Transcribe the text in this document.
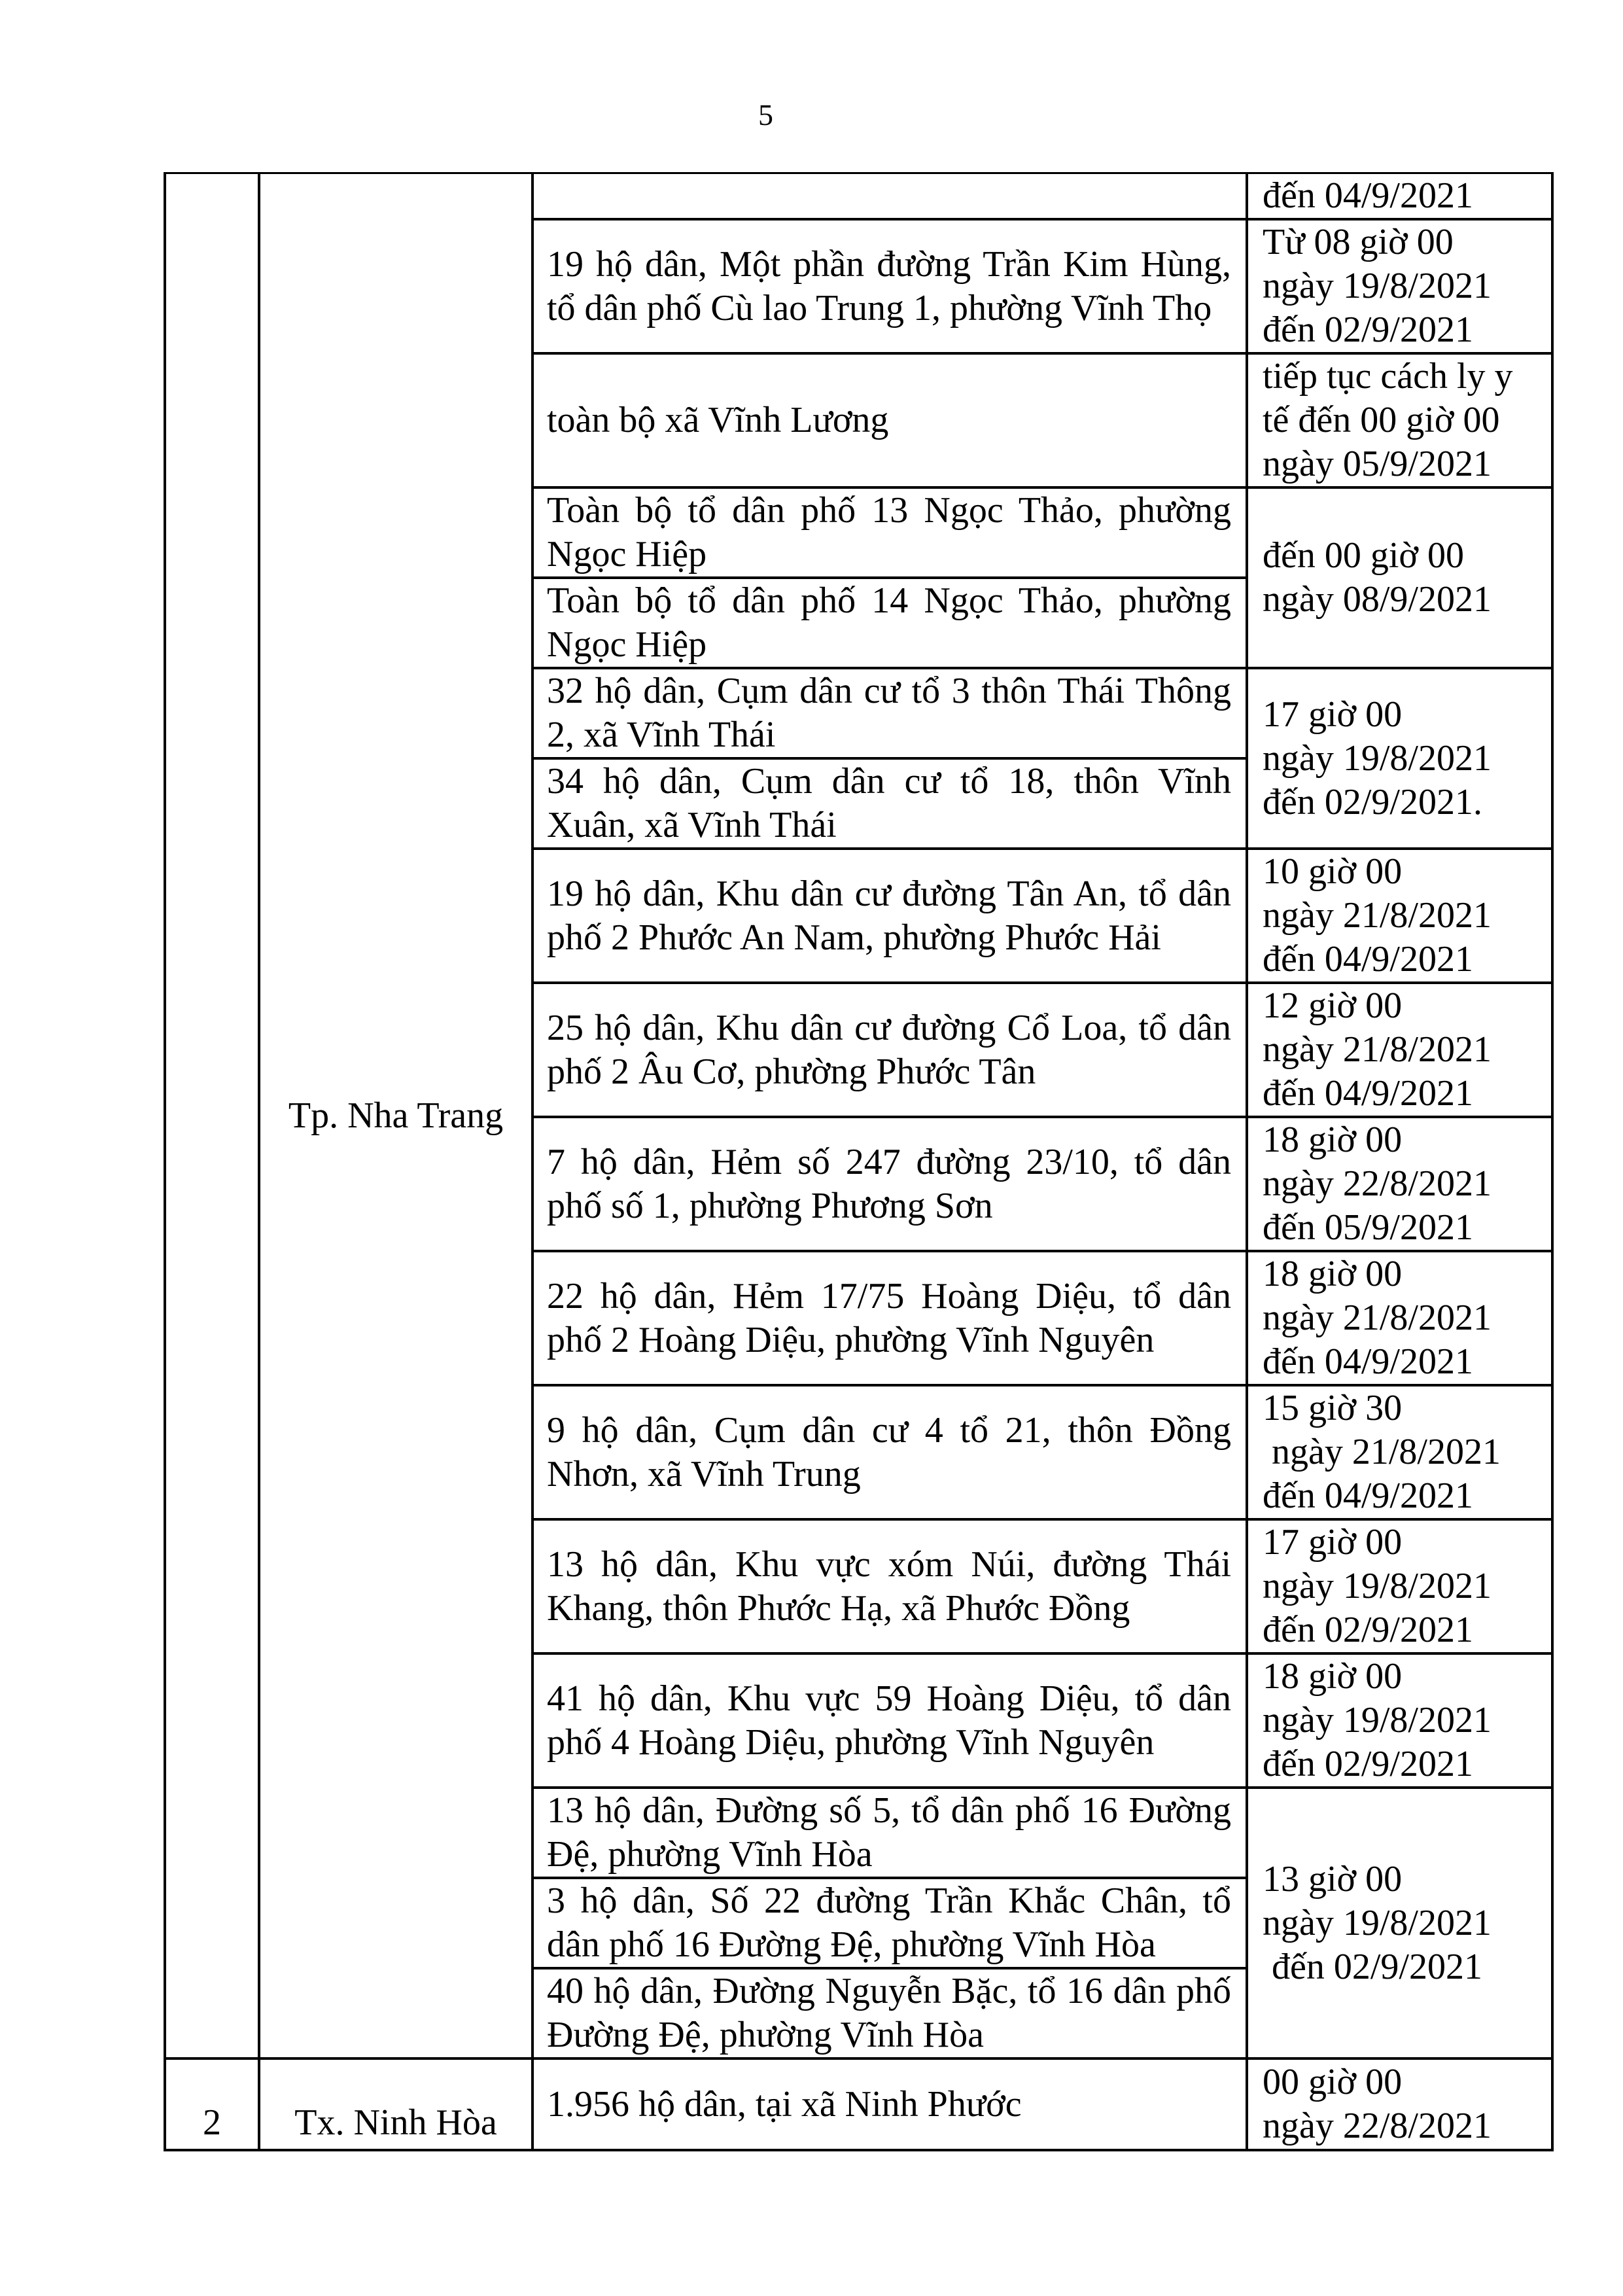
5
	Tp. Nha Trang		đến 04/9/2021
		19 hộ dân, Một phần đường Trần Kim Hùng, tổ dân phố Cù lao Trung 1, phường Vĩnh Thọ	Từ 08 giờ 00
ngày 19/8/2021
đến 02/9/2021
		toàn bộ xã Vĩnh Lương	tiếp tục cách ly y
tế đến 00 giờ 00
ngày 05/9/2021
		Toàn bộ tổ dân phố 13 Ngọc Thảo, phường Ngọc Hiệp	đến 00 giờ 00
ngày 08/9/2021
		Toàn bộ tổ dân phố 14 Ngọc Thảo, phường Ngọc Hiệp	
		32 hộ dân, Cụm dân cư tổ 3 thôn Thái Thông 2, xã Vĩnh Thái	17 giờ 00
ngày 19/8/2021
đến 02/9/2021.
		34 hộ dân, Cụm dân cư tổ 18, thôn Vĩnh Xuân, xã Vĩnh Thái	
		19 hộ dân, Khu dân cư đường Tân An, tổ dân phố 2 Phước An Nam, phường Phước Hải	10 giờ 00
ngày 21/8/2021
đến 04/9/2021
		25 hộ dân, Khu dân cư đường Cổ Loa, tổ dân phố 2 Âu Cơ, phường Phước Tân	12 giờ 00
ngày 21/8/2021
đến 04/9/2021
		7 hộ dân, Hẻm số 247 đường 23/10, tổ dân phố số 1, phường Phương Sơn	18 giờ 00
ngày 22/8/2021
đến 05/9/2021
		22 hộ dân, Hẻm 17/75 Hoàng Diệu, tổ dân phố 2 Hoàng Diệu, phường Vĩnh Nguyên	18 giờ 00
ngày 21/8/2021
đến 04/9/2021
		9 hộ dân, Cụm dân cư 4 tổ 21, thôn Đồng Nhơn, xã Vĩnh Trung	15 giờ 30
ngày 21/8/2021
đến 04/9/2021
		13 hộ dân, Khu vực xóm Núi, đường Thái Khang, thôn Phước Hạ, xã Phước Đồng	17 giờ 00
ngày 19/8/2021
đến 02/9/2021
		41 hộ dân, Khu vực 59 Hoàng Diệu, tổ dân phố 4 Hoàng Diệu, phường Vĩnh Nguyên	18 giờ 00
ngày 19/8/2021
đến 02/9/2021
		13 hộ dân, Đường số 5, tổ dân phố 16 Đường Đệ, phường Vĩnh Hòa	13 giờ 00
ngày 19/8/2021
đến 02/9/2021
		3 hộ dân, Số 22 đường Trần Khắc Chân, tổ dân phố 16 Đường Đệ, phường Vĩnh Hòa	
		40 hộ dân, Đường Nguyễn Bặc, tổ 16 dân phố Đường Đệ, phường Vĩnh Hòa	
2	Tx. Ninh Hòa	1.956 hộ dân, tại xã Ninh Phước	00 giờ 00
ngày 22/8/2021
